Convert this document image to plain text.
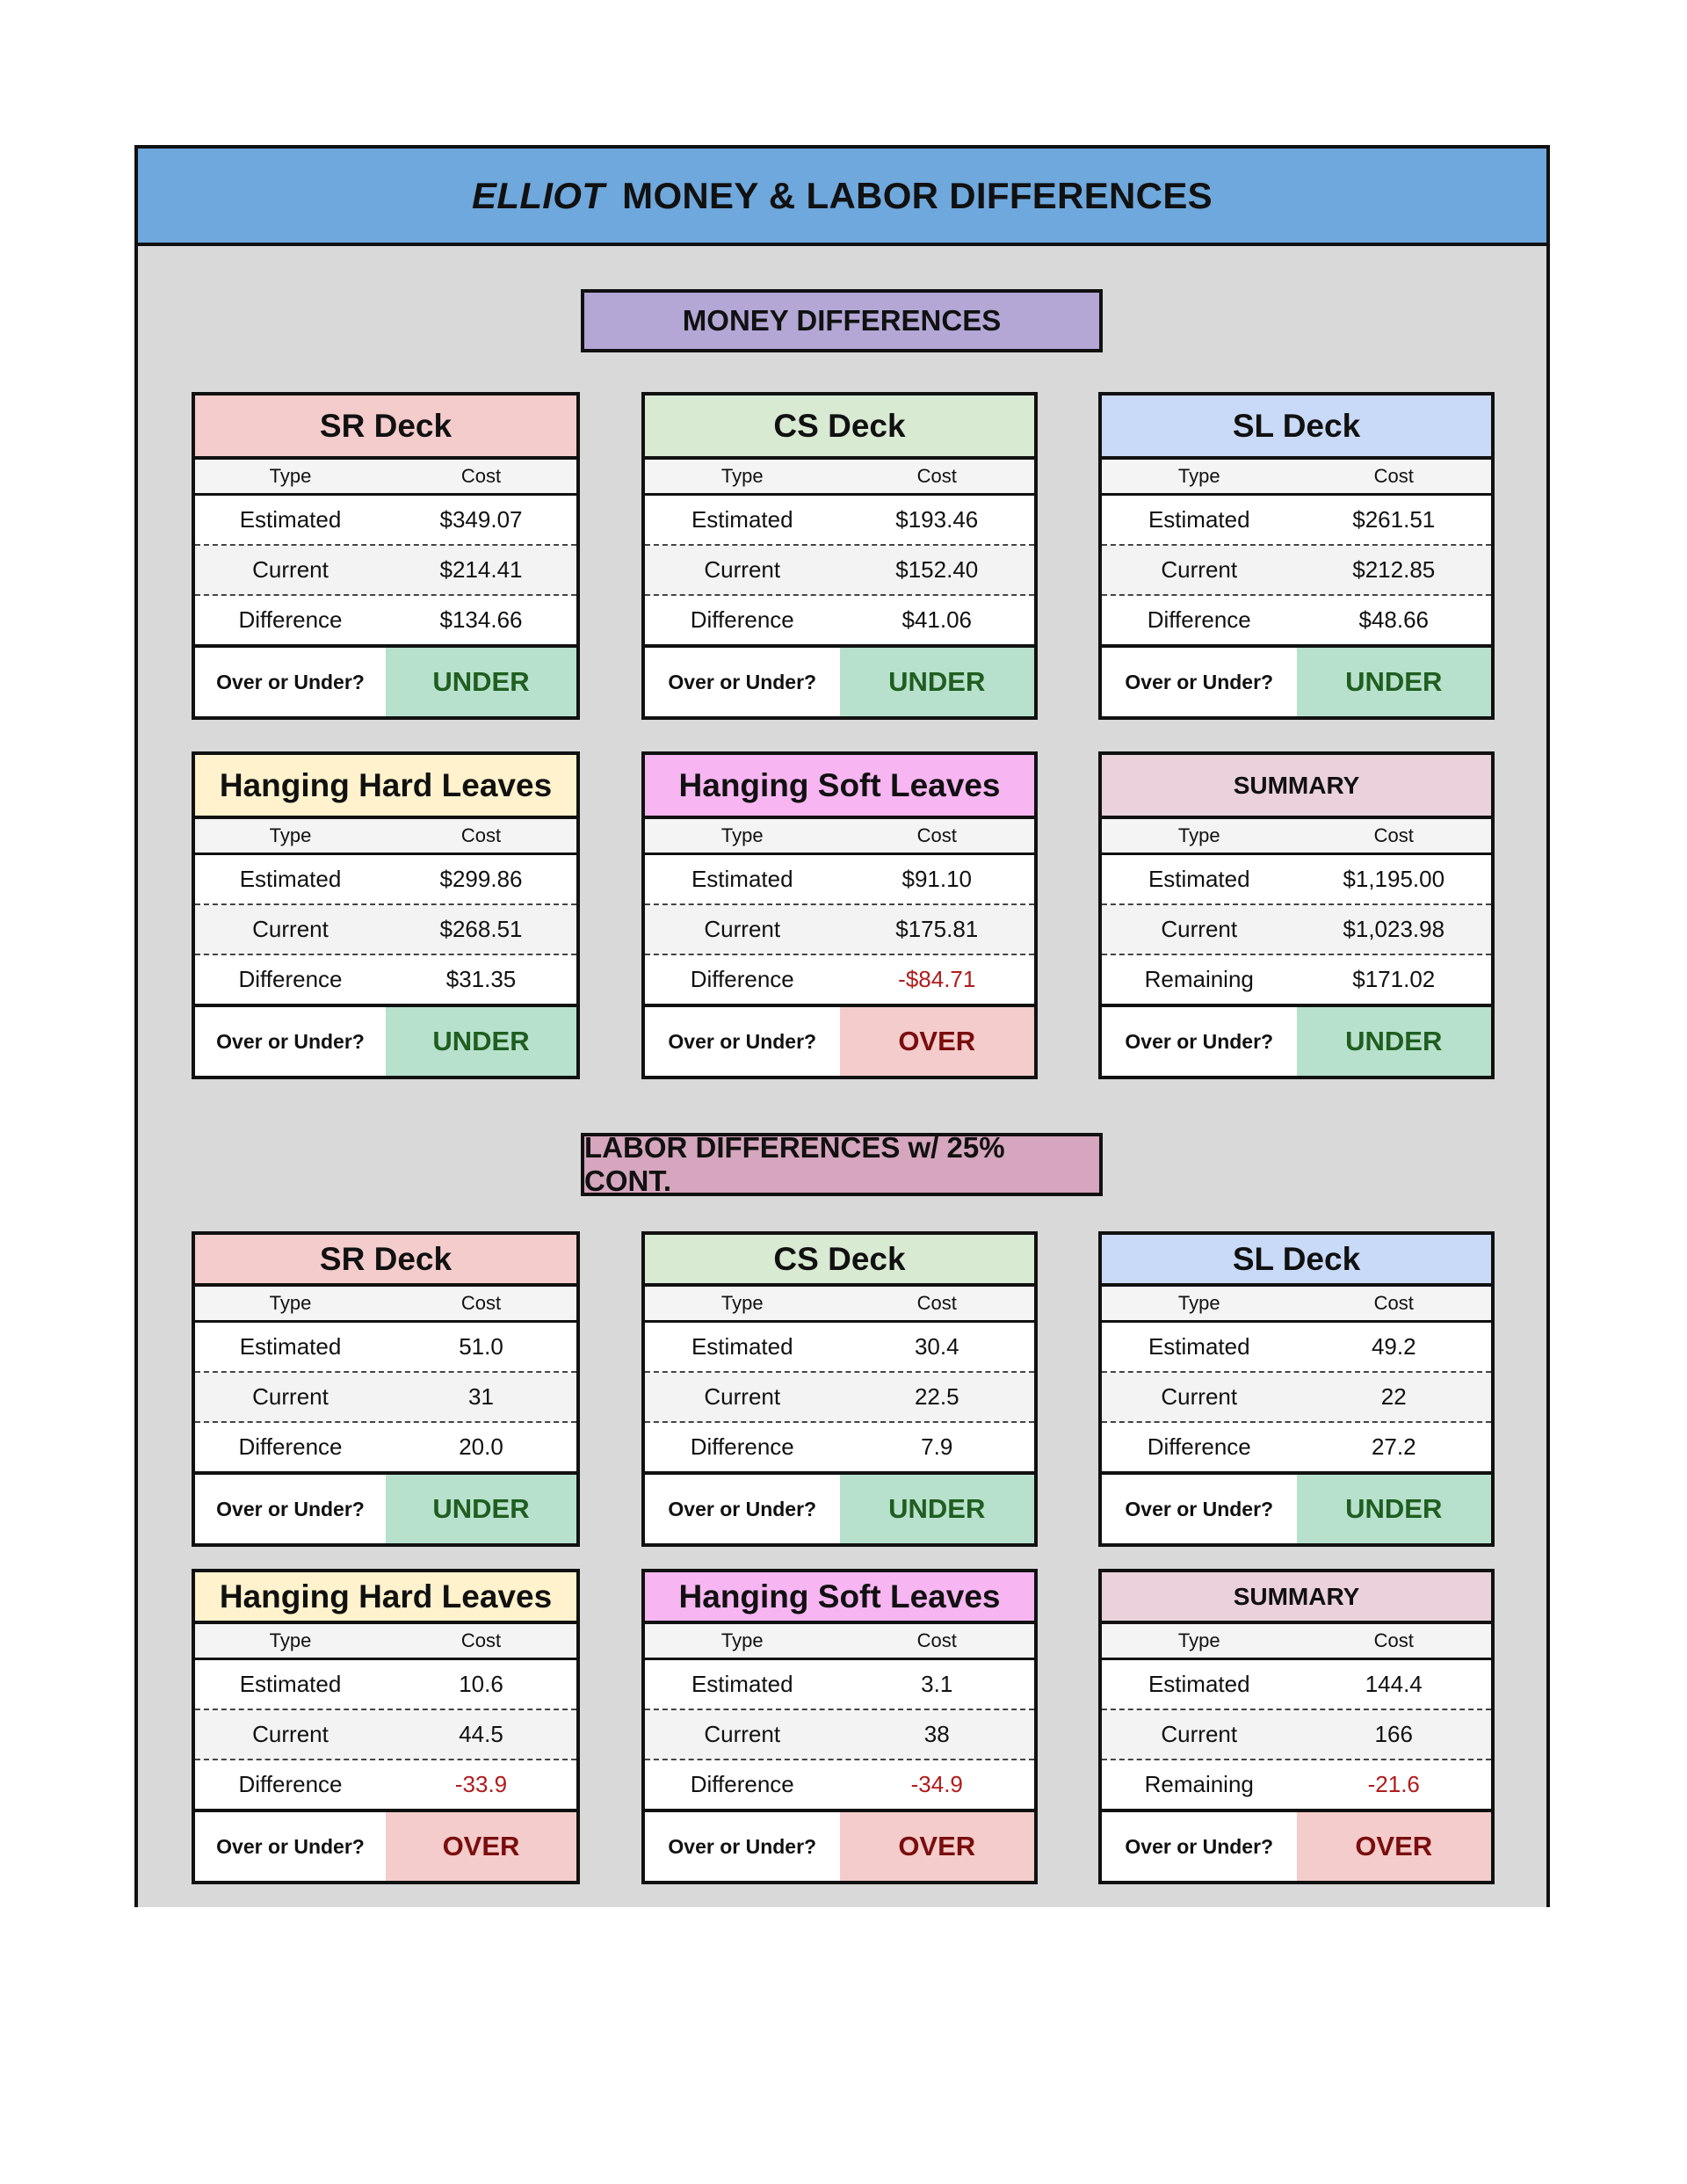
ELLIOT MONEY & LABOR DIFFERENCES
MONEY DIFFERENCES
LABOR DIFFERENCES w/ 25% CONT.
SR Deck
Type	Cost
Estimated	$349.07
Current	$214.41
Difference	$134.66
Over or Under?	UNDER
CS Deck
Type	Cost
Estimated	$193.46
Current	$152.40
Difference	$41.06
Over or Under?	UNDER
SL Deck
Type	Cost
Estimated	$261.51
Current	$212.85
Difference	$48.66
Over or Under?	UNDER
Hanging Hard Leaves
Type	Cost
Estimated	$299.86
Current	$268.51
Difference	$31.35
Over or Under?	UNDER
Hanging Soft Leaves
Type	Cost
Estimated	$91.10
Current	$175.81
Difference	-$84.71
Over or Under?	OVER
SUMMARY
Type	Cost
Estimated	$1,195.00
Current	$1,023.98
Remaining	$171.02
Over or Under?	UNDER
SR Deck
Type	Cost
Estimated	51.0
Current	31
Difference	20.0
Over or Under?	UNDER
CS Deck
Type	Cost
Estimated	30.4
Current	22.5
Difference	7.9
Over or Under?	UNDER
SL Deck
Type	Cost
Estimated	49.2
Current	22
Difference	27.2
Over or Under?	UNDER
Hanging Hard Leaves
Type	Cost
Estimated	10.6
Current	44.5
Difference	-33.9
Over or Under?	OVER
Hanging Soft Leaves
Type	Cost
Estimated	3.1
Current	38
Difference	-34.9
Over or Under?	OVER
SUMMARY
Type	Cost
Estimated	144.4
Current	166
Remaining	-21.6
Over or Under?	OVER
